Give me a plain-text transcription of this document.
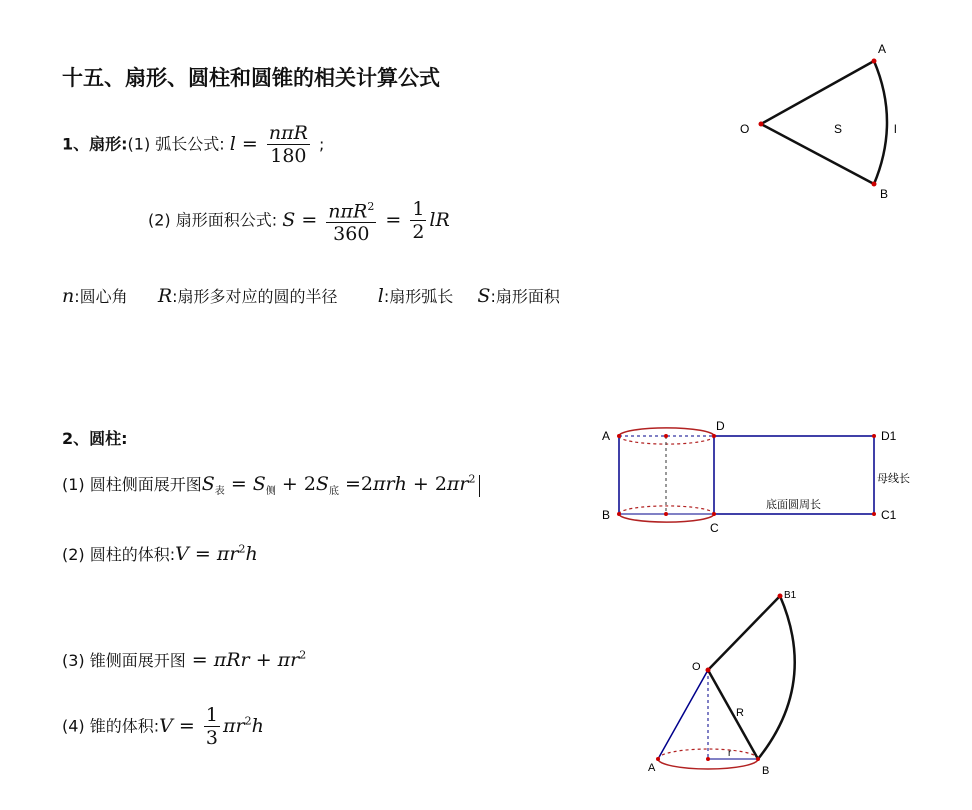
十五、扇形、圆柱和圆锥的相关计算公式
1、扇形:(1) 弧长公式: $l = \frac{\text{nπR}}{180}$ ;
(2) 扇形面积公式: $S = \frac{n\pi R^2}{360} = \frac{1}{2}$ lR
n:圆心角 R:扇形多对应的圆的半径 l:扇形弧长 S:扇形面积
O
A
B
S	l
2、圆柱:
(1) 圆柱侧面展开图$S_表 = S_侧 + 2S_底 =2\pi rh + 2\pi r^2$
(2) 圆柱的体积:V = $\pi r^2h$
A
B
C
D
D1
C1
母线长
底面圆周长
(3) 锥侧面展开图 = $\pi Rr + \pi r^2$
(4) 锥的体积:V = $\frac{1}{3} \pi r^2h$
O
B1
R
A	B
r
